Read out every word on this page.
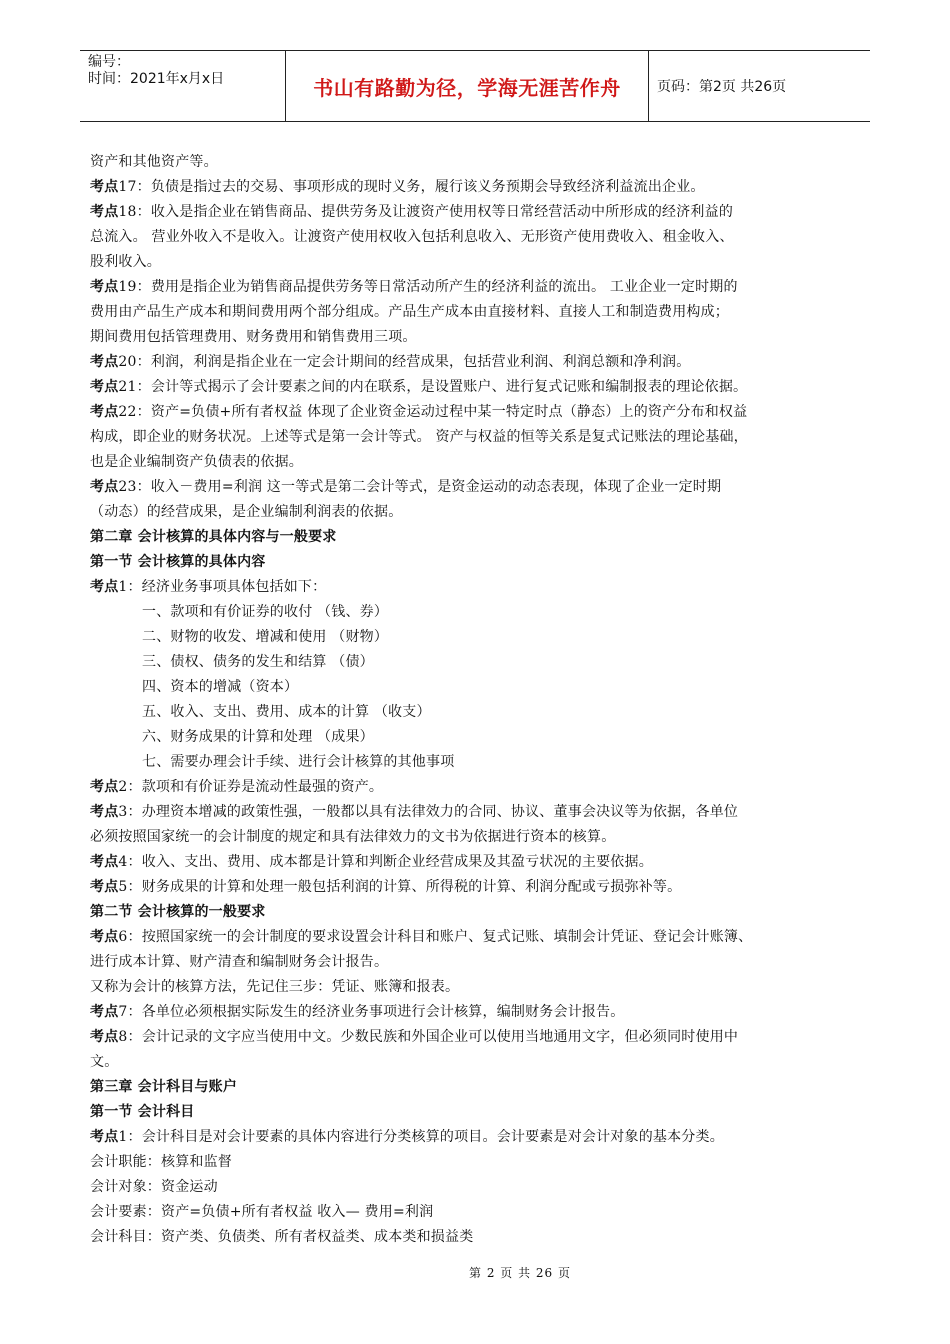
编号：
时间：2021年x月x日	书山有路勤为径，学海无涯苦作舟	页码：第2页 共26页

资产和其他资产等。

考点17：负债是指过去的交易、事项形成的现时义务，履行该义务预期会导致经济利益流出企业。

考点18：收入是指企业在销售商品、提供劳务及让渡资产使用权等日常经营活动中所形成的经济利益的

总流入。 营业外收入不是收入。让渡资产使用权收入包括利息收入、无形资产使用费收入、租金收入、

股利收入。

考点19：费用是指企业为销售商品提供劳务等日常活动所产生的经济利益的流出。 工业企业一定时期的

费用由产品生产成本和期间费用两个部分组成。产品生产成本由直接材料、直接人工和制造费用构成；

期间费用包括管理费用、财务费用和销售费用三项。

考点20：利润，利润是指企业在一定会计期间的经营成果，包括营业利润、利润总额和净利润。

考点21：会计等式揭示了会计要素之间的内在联系，是设置账户、进行复式记账和编制报表的理论依据。

考点22：资产=负债+所有者权益 体现了企业资金运动过程中某一特定时点（静态）上的资产分布和权益

构成，即企业的财务状况。上述等式是第一会计等式。 资产与权益的恒等关系是复式记账法的理论基础，

也是企业编制资产负债表的依据。

考点23：收入－费用=利润 这一等式是第二会计等式，是资金运动的动态表现，体现了企业一定时期

（动态）的经营成果，是企业编制利润表的依据。

第二章 会计核算的具体内容与一般要求

第一节 会计核算的具体内容

考点1：经济业务事项具体包括如下：

一、款项和有价证券的收付 （钱、券）

二、财物的收发、增减和使用 （财物）

三、债权、债务的发生和结算 （债）

四、资本的增减（资本）

五、收入、支出、费用、成本的计算 （收支）

六、财务成果的计算和处理 （成果）

七、需要办理会计手续、进行会计核算的其他事项

考点2：款项和有价证券是流动性最强的资产。

考点3：办理资本增减的政策性强，一般都以具有法律效力的合同、协议、董事会决议等为依据，各单位

必须按照国家统一的会计制度的规定和具有法律效力的文书为依据进行资本的核算。

考点4：收入、支出、费用、成本都是计算和判断企业经营成果及其盈亏状况的主要依据。

考点5：财务成果的计算和处理一般包括利润的计算、所得税的计算、利润分配或亏损弥补等。

第二节 会计核算的一般要求

考点6：按照国家统一的会计制度的要求设置会计科目和账户、复式记账、填制会计凭证、登记会计账簿、

进行成本计算、财产清查和编制财务会计报告。

又称为会计的核算方法，先记住三步：凭证、账簿和报表。

考点7：各单位必须根据实际发生的经济业务事项进行会计核算，编制财务会计报告。

考点8：会计记录的文字应当使用中文。少数民族和外国企业可以使用当地通用文字，但必须同时使用中

文。

第三章 会计科目与账户

第一节 会计科目

考点1：会计科目是对会计要素的具体内容进行分类核算的项目。会计要素是对会计对象的基本分类。

会计职能：核算和监督

会计对象：资金运动

会计要素：资产=负债+所有者权益 收入— 费用=利润

会计科目：资产类、负债类、所有者权益类、成本类和损益类

第 2 页 共 26 页
